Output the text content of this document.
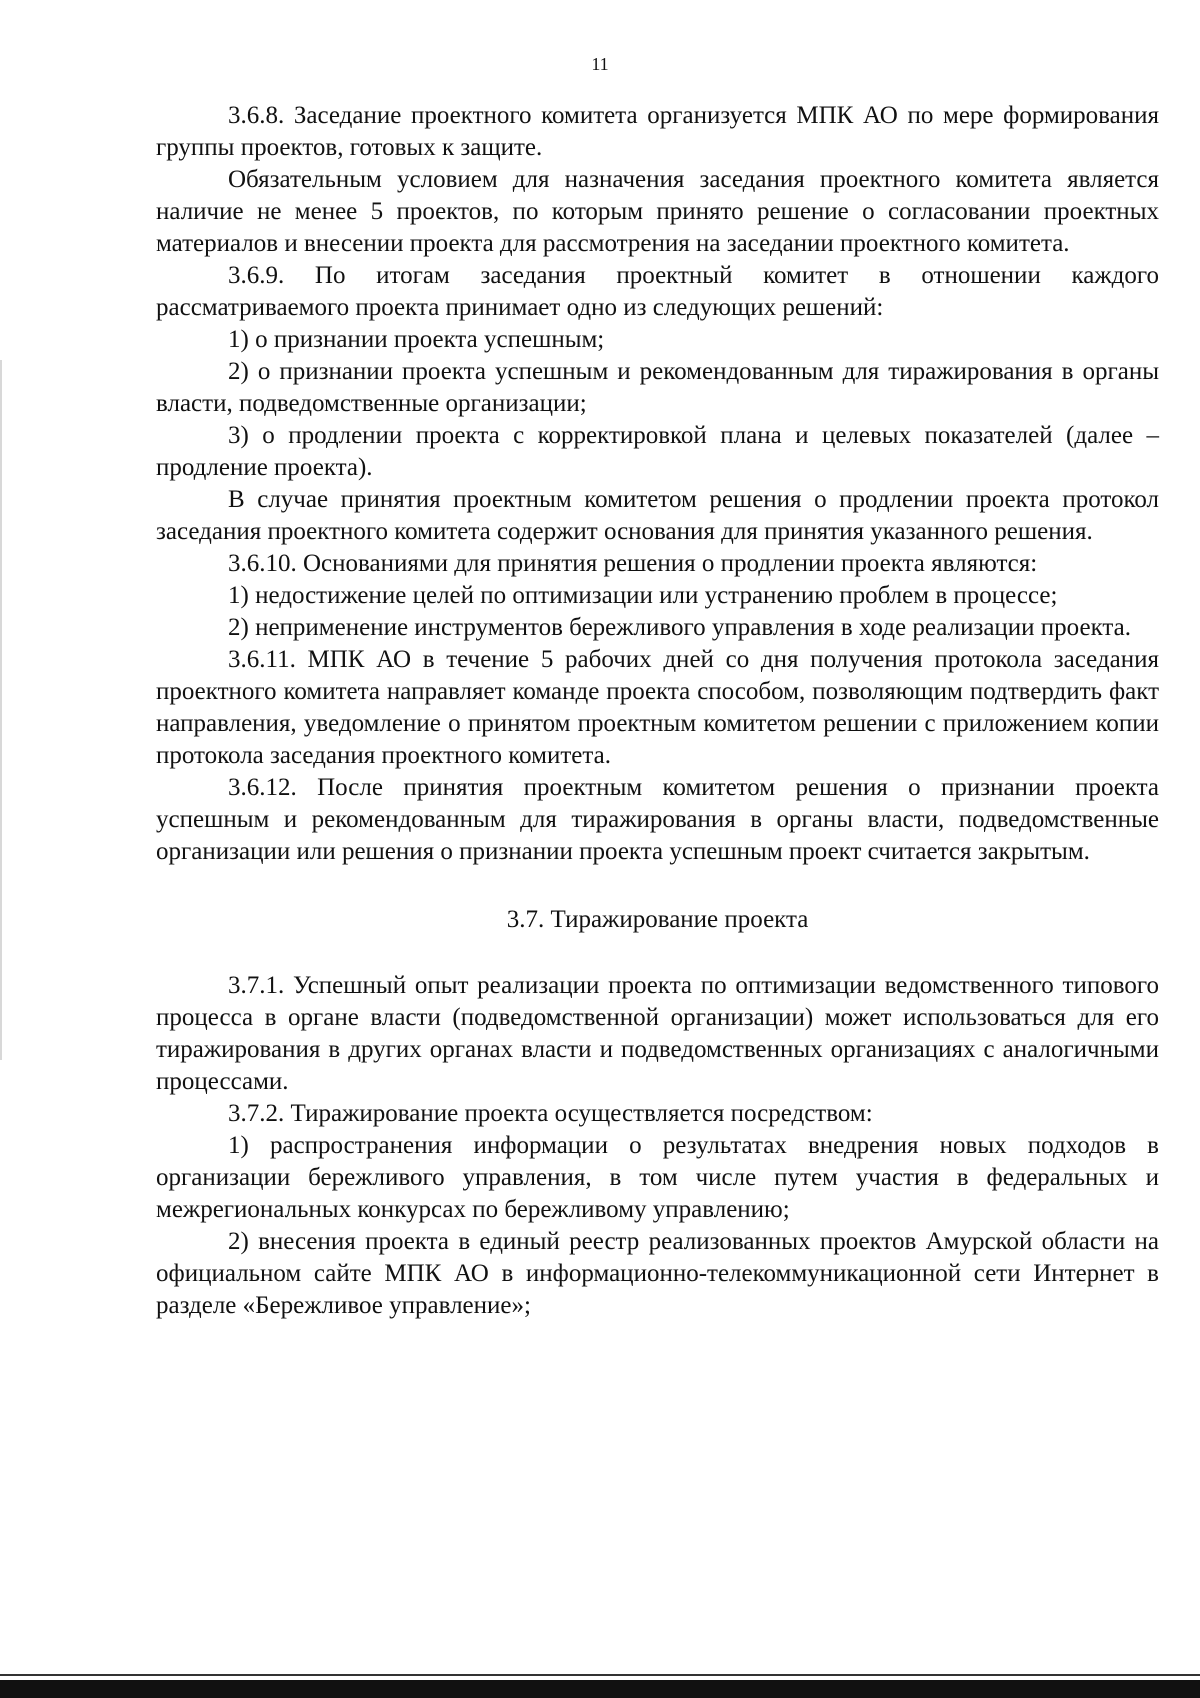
11

3.6.8. Заседание проектного комитета организуется МПК АО по мере формирования группы проектов, готовых к защите.

Обязательным условием для назначения заседания проектного комитета является наличие не менее 5 проектов, по которым принято решение о согласовании проектных материалов и внесении проекта для рассмотрения на заседании проектного комитета.

3.6.9. По итогам заседания проектный комитет в отношении каждого рассматриваемого проекта принимает одно из следующих решений:

1) о признании проекта успешным;

2) о признании проекта успешным и рекомендованным для тиражирования в органы власти, подведомственные организации;

3) о продлении проекта с корректировкой плана и целевых показателей (далее – продление проекта).

В случае принятия проектным комитетом решения о продлении проекта протокол заседания проектного комитета содержит основания для принятия указанного решения.

3.6.10. Основаниями для принятия решения о продлении проекта являются:

1) недостижение целей по оптимизации или устранению проблем в процессе;

2) неприменение инструментов бережливого управления в ходе реализации проекта.

3.6.11. МПК АО в течение 5 рабочих дней со дня получения протокола заседания проектного комитета направляет команде проекта способом, позволяющим подтвердить факт направления, уведомление о принятом проектным комитетом решении с приложением копии протокола заседания проектного комитета.

3.6.12. После принятия проектным комитетом решения о признании проекта успешным и рекомендованным для тиражирования в органы власти, подведомственные организации или решения о признании проекта успешным проект считается закрытым.

3.7. Тиражирование проекта

3.7.1. Успешный опыт реализации проекта по оптимизации ведомственного типового процесса в органе власти (подведомственной организации) может использоваться для его тиражирования в других органах власти и подведомственных организациях с аналогичными процессами.

3.7.2. Тиражирование проекта осуществляется посредством:

1) распространения информации о результатах внедрения новых подходов в организации бережливого управления, в том числе путем участия в федеральных и межрегиональных конкурсах по бережливому управлению;

2) внесения проекта в единый реестр реализованных проектов Амурской области на официальном сайте МПК АО в информационно-телекоммуникационной сети Интернет в разделе «Бережливое управление»;
